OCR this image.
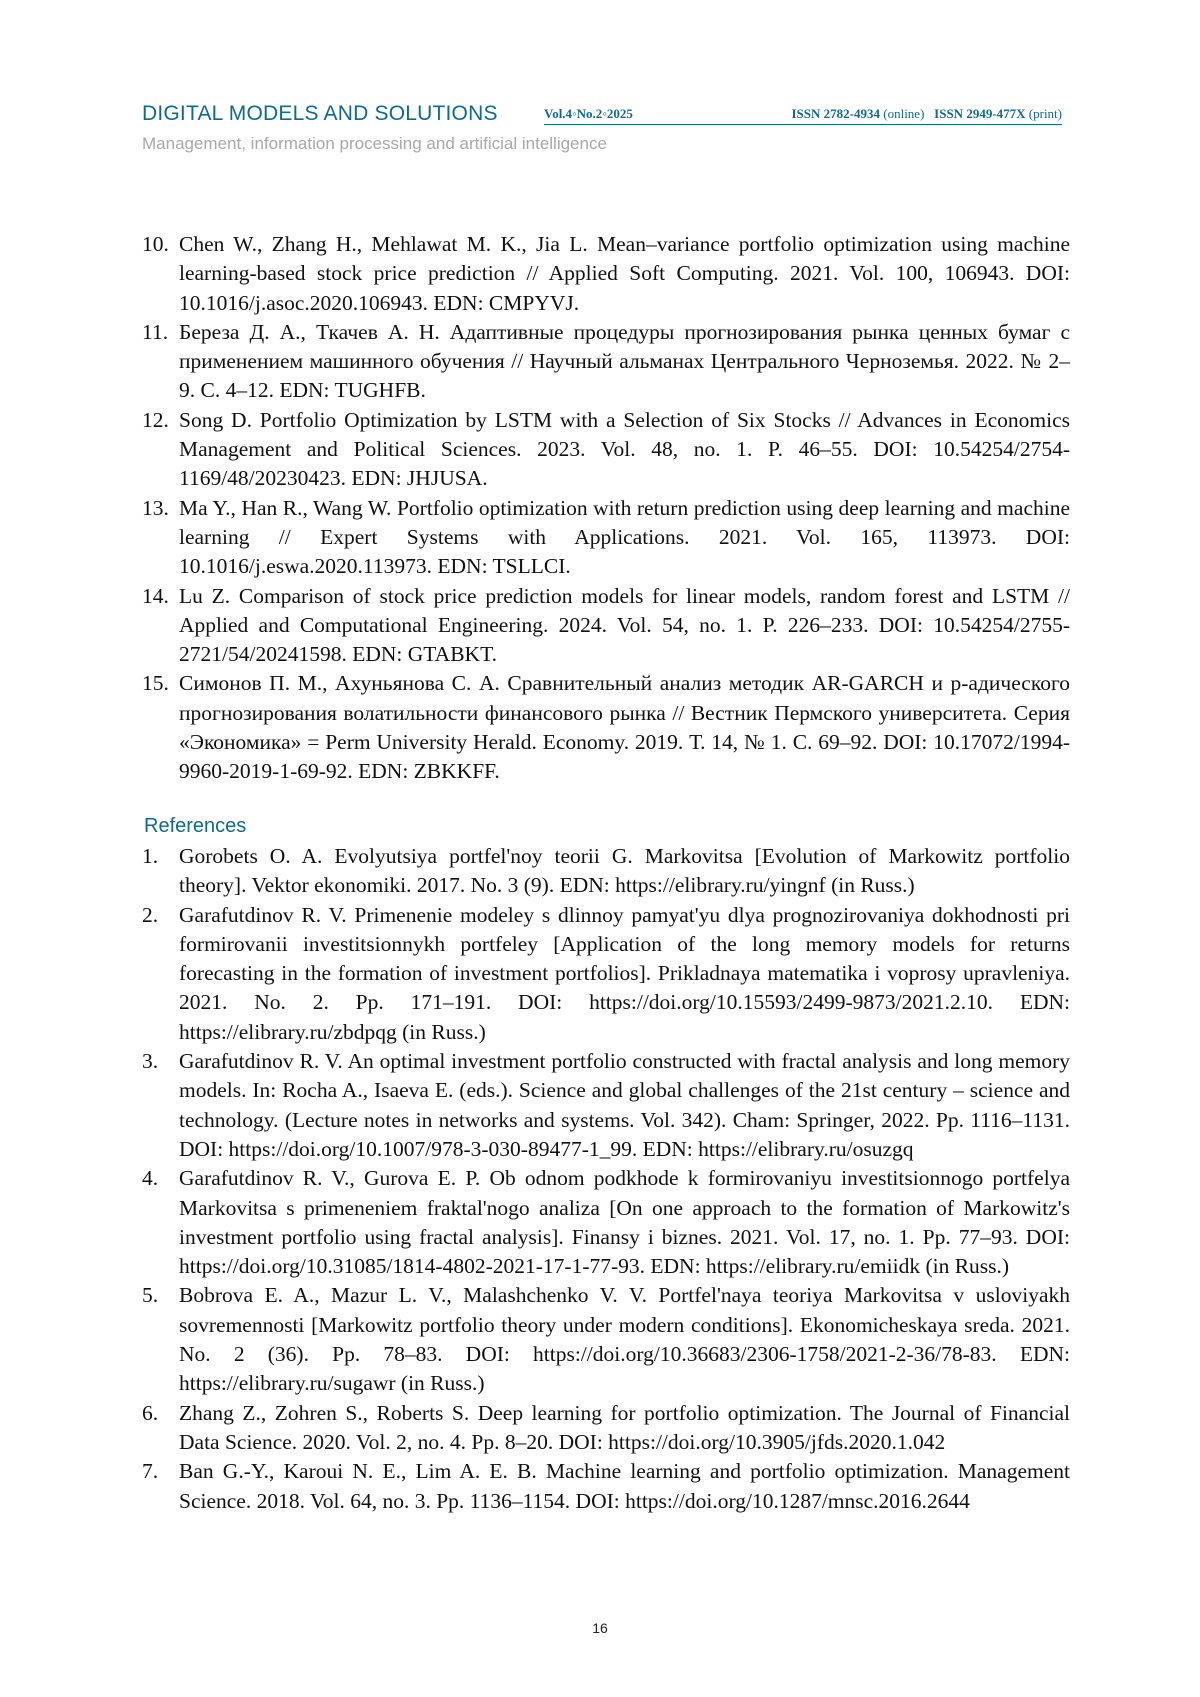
DIGITAL MODELS AND SOLUTIONS	Vol.4◦No.2◦2025	ISSN 2782-4934 (online) ISSN 2949-477X (print)
Management, information processing and artificial intelligence
10. Chen W., Zhang H., Mehlawat M. K., Jia L. Mean–variance portfolio optimization using machine learning-based stock price prediction // Applied Soft Computing. 2021. Vol. 100, 106943. DOI: 10.1016/j.asoc.2020.106943. EDN: CMPYVJ.
11. Береза Д. А., Ткачев А. Н. Адаптивные процедуры прогнозирования рынка ценных бумаг с применением машинного обучения // Научный альманах Центрального Черноземья. 2022. № 2–9. С. 4–12. EDN: TUGHFB.
12. Song D. Portfolio Optimization by LSTM with a Selection of Six Stocks // Advances in Economics Management and Political Sciences. 2023. Vol. 48, no. 1. P. 46–55. DOI: 10.54254/2754-1169/48/20230423. EDN: JHJUSA.
13. Ma Y., Han R., Wang W. Portfolio optimization with return prediction using deep learning and machine learning // Expert Systems with Applications. 2021. Vol. 165, 113973. DOI: 10.1016/j.eswa.2020.113973. EDN: TSLLCI.
14. Lu Z. Comparison of stock price prediction models for linear models, random forest and LSTM // Applied and Computational Engineering. 2024. Vol. 54, no. 1. P. 226–233. DOI: 10.54254/2755-2721/54/20241598. EDN: GTABKT.
15. Симонов П. М., Ахуньянова С. А. Сравнительный анализ методик AR-GARCH и p-адического прогнозирования волатильности финансового рынка // Вестник Пермского университета. Серия «Экономика» = Perm University Herald. Economy. 2019. Т. 14, № 1. С. 69–92. DOI: 10.17072/1994-9960-2019-1-69-92. EDN: ZBKKFF.
References
1. Gorobets O. A. Evolyutsiya portfel'noy teorii G. Markovitsa [Evolution of Markowitz portfolio theory]. Vektor ekonomiki. 2017. No. 3 (9). EDN: https://elibrary.ru/yingnf (in Russ.)
2. Garafutdinov R. V. Primenenie modeley s dlinnoy pamyat'yu dlya prognozirovaniya dokhodnosti pri formirovanii investitsionnykh portfeley [Application of the long memory models for returns forecasting in the formation of investment portfolios]. Prikladnaya matematika i voprosy upravleniya. 2021. No. 2. Pp. 171–191. DOI: https://doi.org/10.15593/2499-9873/2021.2.10. EDN: https://elibrary.ru/zbdpqg (in Russ.)
3. Garafutdinov R. V. An optimal investment portfolio constructed with fractal analysis and long memory models. In: Rocha A., Isaeva E. (eds.). Science and global challenges of the 21st century – science and technology. (Lecture notes in networks and systems. Vol. 342). Cham: Springer, 2022. Pp. 1116–1131. DOI: https://doi.org/10.1007/978-3-030-89477-1_99. EDN: https://elibrary.ru/osuzgq
4. Garafutdinov R. V., Gurova E. P. Ob odnom podkhode k formirovaniyu investitsionnogo portfelya Markovitsa s primeneniem fraktal'nogo analiza [On one approach to the formation of Markowitz's investment portfolio using fractal analysis]. Finansy i biznes. 2021. Vol. 17, no. 1. Pp. 77–93. DOI: https://doi.org/10.31085/1814-4802-2021-17-1-77-93. EDN: https://elibrary.ru/emiidk (in Russ.)
5. Bobrova E. A., Mazur L. V., Malashchenko V. V. Portfel'naya teoriya Markovitsa v usloviyakh sovremennosti [Markowitz portfolio theory under modern conditions]. Ekonomicheskaya sreda. 2021. No. 2 (36). Pp. 78–83. DOI: https://doi.org/10.36683/2306-1758/2021-2-36/78-83. EDN: https://elibrary.ru/sugawr (in Russ.)
6. Zhang Z., Zohren S., Roberts S. Deep learning for portfolio optimization. The Journal of Financial Data Science. 2020. Vol. 2, no. 4. Pp. 8–20. DOI: https://doi.org/10.3905/jfds.2020.1.042
7. Ban G.-Y., Karoui N. E., Lim A. E. B. Machine learning and portfolio optimization. Management Science. 2018. Vol. 64, no. 3. Pp. 1136–1154. DOI: https://doi.org/10.1287/mnsc.2016.2644
16
